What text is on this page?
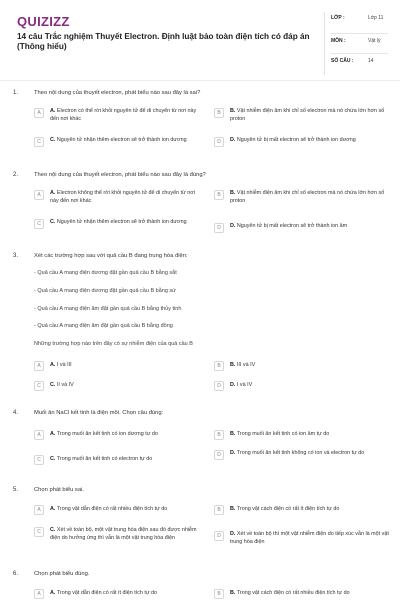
QUIZIZZ
14 câu Trắc nghiệm Thuyết Electron. Định luật bảo toàn điện tích có đáp án (Thông hiểu)
LỚP :	Lớp 11
MÔN :	Vật lý
SỐ CÂU :	14
1.	Theo nội dung của thuyết electron, phát biểu nào sau đây là sai?
A	A. Electron có thể rời khỏi nguyên tử để di chuyển từ nơi này đến nơi khác
B	B. Vật nhiễm điện âm khi chỉ số electron mà nó chứa lớn hơn số proton
C	C. Nguyên tử nhận thêm electron sẽ trở thành ion dương	D	D. Nguyên tử bị mất electron sẽ trở thành ion dương
2.	Theo nội dung của thuyết electron, phát biểu nào sau đây là đúng?
A	A. Electron không thể rời khỏi nguyên tử để di chuyển từ nơi này đến nơi khác
B	B. Vật nhiễm điện âm khi chỉ số electron mà nó chứa lớn hơn số proton
C	C. Nguyên tử nhận thêm electron sẽ trở thành ion dương
D	D. Nguyên tử bị mất electron sẽ trở thành ion âm
3.	Xét các trường hợp sau với quả cầu B đang trung hòa điện:
- Quả cầu A mang điện dương đặt gần quả cầu B bằng sắt
- Quả cầu A mang điện dương đặt gần quả cầu B bằng sứ
- Quả cầu A mang điện âm đặt gần quả cầu B bằng thủy tinh
- Quả cầu A mang điện âm đặt gần quả cầu B bằng đồng
Những trường hợp nào trên đây có sự nhiễm điện của quả cầu B
A	A. I và III	B	B. III và IV
C	C. II và IV	D	D. I và IV
4.	Muối ăn NaCl kết tinh là điện môi. Chọn câu đúng:
A	A. Trong muối ăn kết tinh có ion dương tự do	B	B. Trong muối ăn kết tinh có ion âm tự do
C	C. Trong muối ăn kết tinh có electron tự do
D	D. Trong muối ăn kết tinh không có ion và electron tự do
5.	Chọn phát biểu sai.
A	A. Trong vật dẫn điện có rất nhiều điện tích tự do	B	B. Trong vật cách điện có rất ít điện tích tự do
C	C. Xét về toàn bộ, một vật trung hòa điện sau đó được nhiễm điện do hưởng ứng thì vẫn là một vật trung hòa điện	D	D. Xét về toàn bộ thì một vật nhiễm điện do tiếp xúc vẫn là một vật trung hòa điện
6.	Chọn phát biểu đúng.
A	A. Trong vật dẫn điện có rất ít điện tích tự do	B	B. Trong vật cách điện có rất nhiều điện tích tự do
